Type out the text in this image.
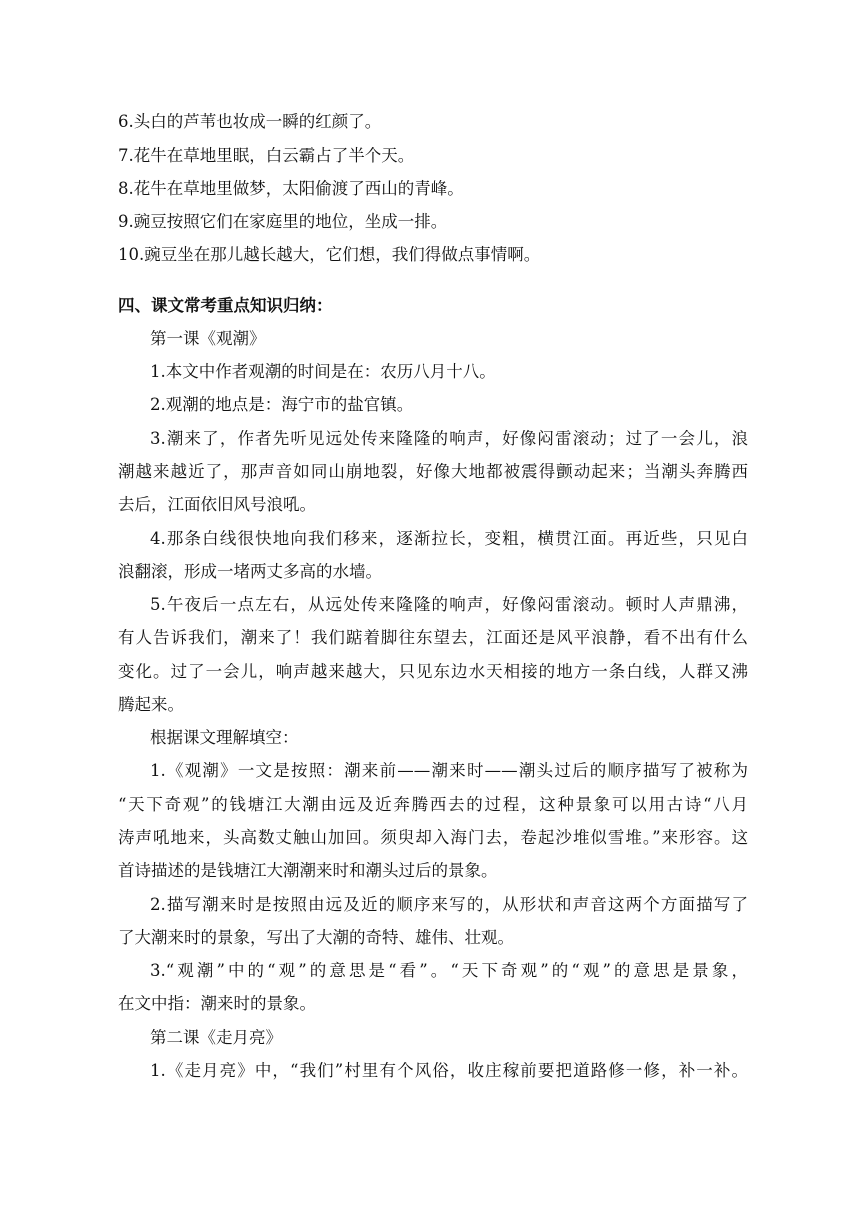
6.头白的芦苇也妆成一瞬的红颜了。
7.花牛在草地里眠，白云霸占了半个天。
8.花牛在草地里做梦，太阳偷渡了西山的青峰。
9.豌豆按照它们在家庭里的地位，坐成一排。
10.豌豆坐在那儿越长越大，它们想，我们得做点事情啊。
四、课文常考重点知识归纳：
第一课《观潮》
1.本文中作者观潮的时间是在：农历八月十八。
2.观潮的地点是：海宁市的盐官镇。
3.潮来了，作者先听见远处传来隆隆的响声，好像闷雷滚动；过了一会儿，浪
潮越来越近了，那声音如同山崩地裂，好像大地都被震得颤动起来；当潮头奔腾西
去后，江面依旧风号浪吼。
4.那条白线很快地向我们移来，逐渐拉长，变粗，横贯江面。再近些，只见白
浪翻滚，形成一堵两丈多高的水墙。
5.午夜后一点左右，从远处传来隆隆的响声，好像闷雷滚动。顿时人声鼎沸，
有人告诉我们，潮来了！我们踮着脚往东望去，江面还是风平浪静，看不出有什么
变化。过了一会儿，响声越来越大，只见东边水天相接的地方一条白线，人群又沸
腾起来。
根据课文理解填空：
1.《观潮》一文是按照：潮来前——潮来时——潮头过后的顺序描写了被称为
“天下奇观”的钱塘江大潮由远及近奔腾西去的过程，这种景象可以用古诗“八月
涛声吼地来，头高数丈触山加回。须臾却入海门去，卷起沙堆似雪堆。”来形容。这
首诗描述的是钱塘江大潮潮来时和潮头过后的景象。
2.描写潮来时是按照由远及近的顺序来写的，从形状和声音这两个方面描写了
了大潮来时的景象，写出了大潮的奇特、雄伟、壮观。
3.“观潮”中的“观”的意思是“看”。“天下奇观”的“观”的意思是景象，
在文中指：潮来时的景象。
第二课《走月亮》
1.《走月亮》中，“我们”村里有个风俗，收庄稼前要把道路修一修，补一补。
